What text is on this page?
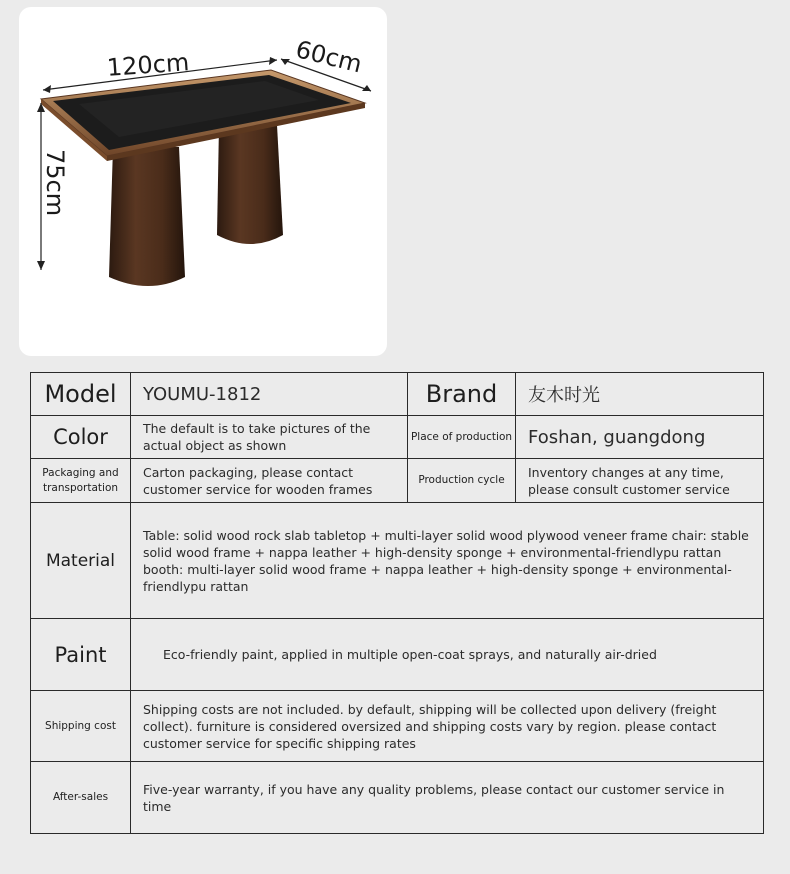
120cm	60cm
75cm
Model	YOUMU-1812	Brand	友木时光
Color	The default is to take pictures of the actual object as shown	Place of production	Foshan, guangdong
Packaging and transportation	Carton packaging, please contact customer service for wooden frames	Production cycle	Inventory changes at any time, please consult customer service
Material	Table: solid wood rock slab tabletop + multi-layer solid wood plywood veneer frame chair: stable solid wood frame + nappa leather + high-density sponge + environmental-friendlypu rattan booth: multi-layer solid wood frame + nappa leather + high-density sponge + environmental-friendlypu rattan		
Paint	Eco-friendly paint, applied in multiple open-coat sprays, and naturally air-dried		
Shipping cost	Shipping costs are not included. by default, shipping will be collected upon delivery (freight collect). furniture is considered oversized and shipping costs vary by region. please contact customer service for specific shipping rates		
After-sales	Five-year warranty, if you have any quality problems, please contact our customer service in time		
